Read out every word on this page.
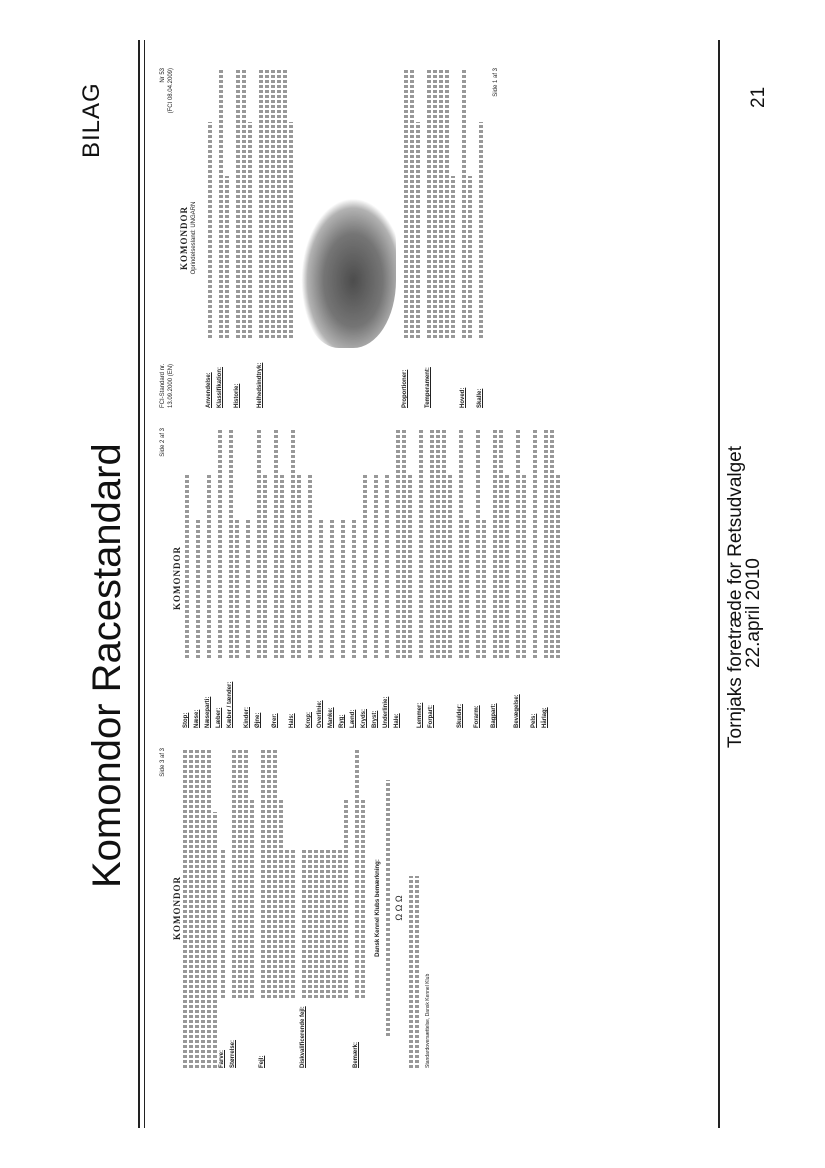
BILAG
Komondor Racestandard
FCI-Standard nr. 13.09.2000 (EN)
Nr 53 (FCI 08.04.2009)
KOMONDOR Oprindelsesland: UNGARN
Anvendelse: Klassifikation:	Historie:	Helhedsindtryk:	Proportioner:	Temperament:	Hoved:	Skalle:
Side 1 af 3
Side 2 af 3
KOMONDOR
Stop: Næse: Næseparti: Læber: Kæber / tænder:	Kinder: Øjne:	Ører:	Hals:	Krop: Overlinie: Manke: Ryg: Lænd: Kryds: Bryst: Underlinie: Hale:	Lemmer: Forpart:	Skulder:	Forarm:	Bagpart:	Bevægelse:	Pels: Hårlag:
Side 3 af 3
KOMONDOR
Farve: Størrelse:	Fejl:	Diskvalificerende fejl:	Bemærk:
Dansk Kennel Klubs bemærkning: Ω Ω Ω
Standardoversættelse, Dansk Kennel Klub
Tornjaks foretræde for Retsudvalget
22.april 2010
21
